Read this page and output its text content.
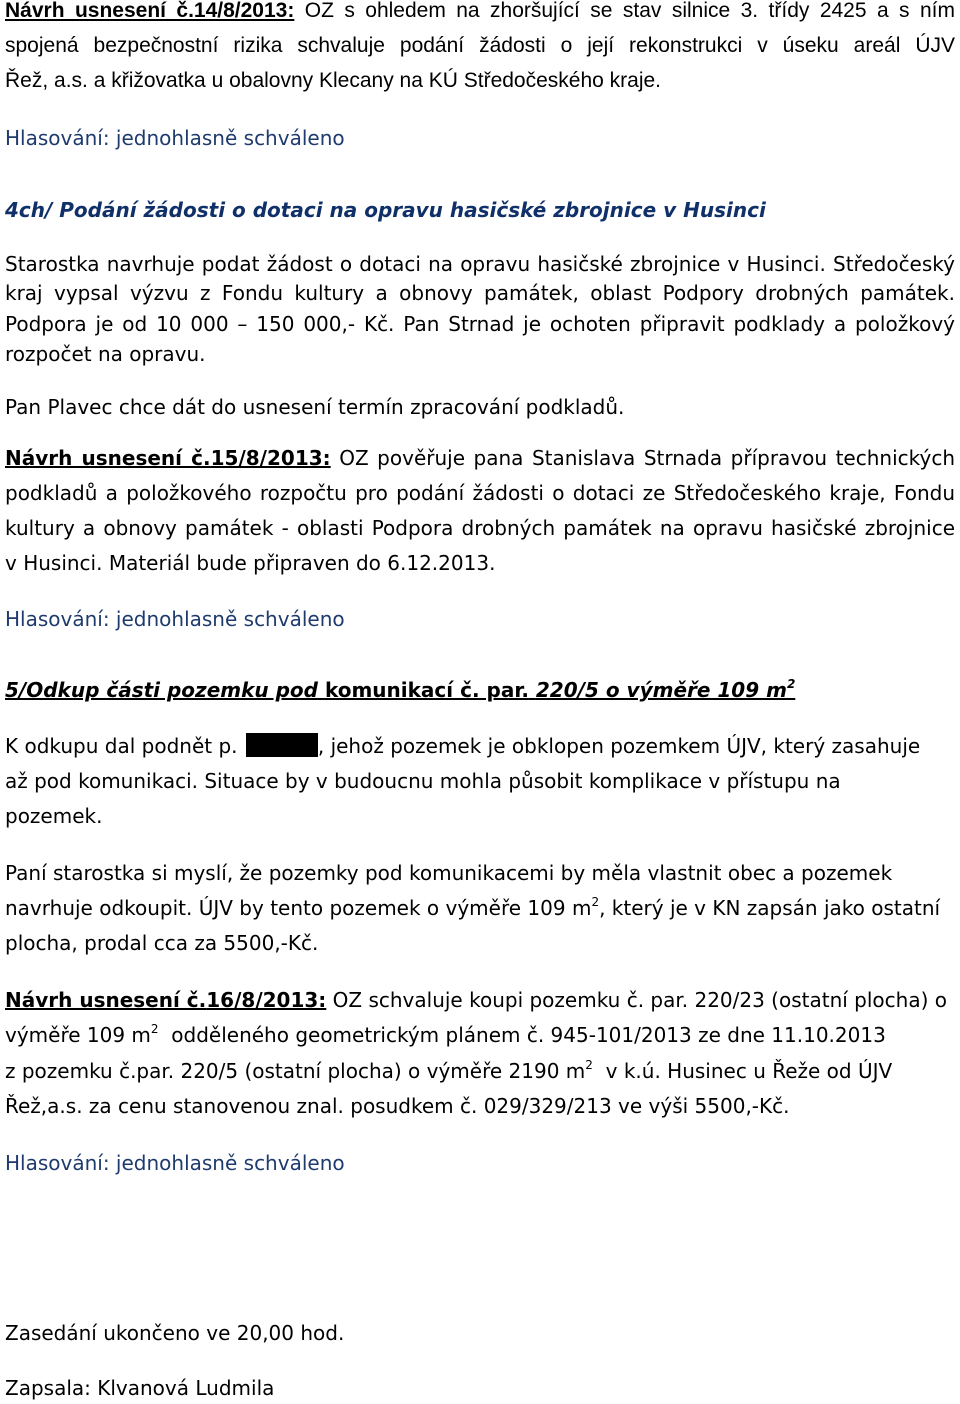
Návrh usnesení č.14/8/2013: OZ s ohledem na zhoršující se stav silnice 3. třídy 2425 a s ním
spojená bezpečnostní rizika schvaluje podání žádosti o její rekonstrukci v úseku areál ÚJV
Řež, a.s. a křižovatka u obalovny Klecany na KÚ Středočeského kraje.
Hlasování: jednohlasně schváleno
4ch/ Podání žádosti o dotaci na opravu hasičské zbrojnice v Husinci
Starostka navrhuje podat žádost o dotaci na opravu hasičské zbrojnice v Husinci. Středočeský
kraj vypsal výzvu z Fondu kultury a obnovy památek, oblast Podpory drobných památek.
Podpora je od 10 000 – 150 000,- Kč. Pan Strnad je ochoten připravit podklady a položkový
rozpočet na opravu.
Pan Plavec chce dát do usnesení termín zpracování podkladů.
Návrh usnesení č.15/8/2013: OZ pověřuje pana Stanislava Strnada přípravou technických
podkladů a položkového rozpočtu pro podání žádosti o dotaci ze Středočeského kraje, Fondu
kultury a obnovy památek - oblasti Podpora drobných památek na opravu hasičské zbrojnice
v Husinci. Materiál bude připraven do 6.12.2013.
Hlasování: jednohlasně schváleno
5/Odkup části pozemku pod komunikací č. par. 220/5 o výměře 109 $m^2$
K odkupu dal podnět p.	, jehož pozemek je obklopen pozemkem ÚJV, který zasahuje
až pod komunikaci. Situace by v budoucnu mohla působit komplikace v přístupu na
pozemek.
Paní starostka si myslí, že pozemky pod komunikacemi by měla vlastnit obec a pozemek
navrhuje odkoupit. ÚJV by tento pozemek o výměře 109 $m^2$, který je v KN zapsán jako ostatní
plocha, prodal cca za 5500,-Kč.
Návrh usnesení č.16/8/2013: OZ schvaluje koupi pozemku č. par. 220/23 (ostatní plocha) o
výměře 109 $m^2$ odděleného geometrickým plánem č. 945-101/2013 ze dne 11.10.2013
z pozemku č.par. 220/5 (ostatní plocha) o výměře 2190 $m^2$ v k.ú. Husinec u Řeže od ÚJV
Řež,a.s. za cenu stanovenou znal. posudkem č. 029/329/213 ve výši 5500,-Kč.
Hlasování: jednohlasně schváleno
Zasedání ukončeno ve 20,00 hod.
Zapsala: Klvanová Ludmila
